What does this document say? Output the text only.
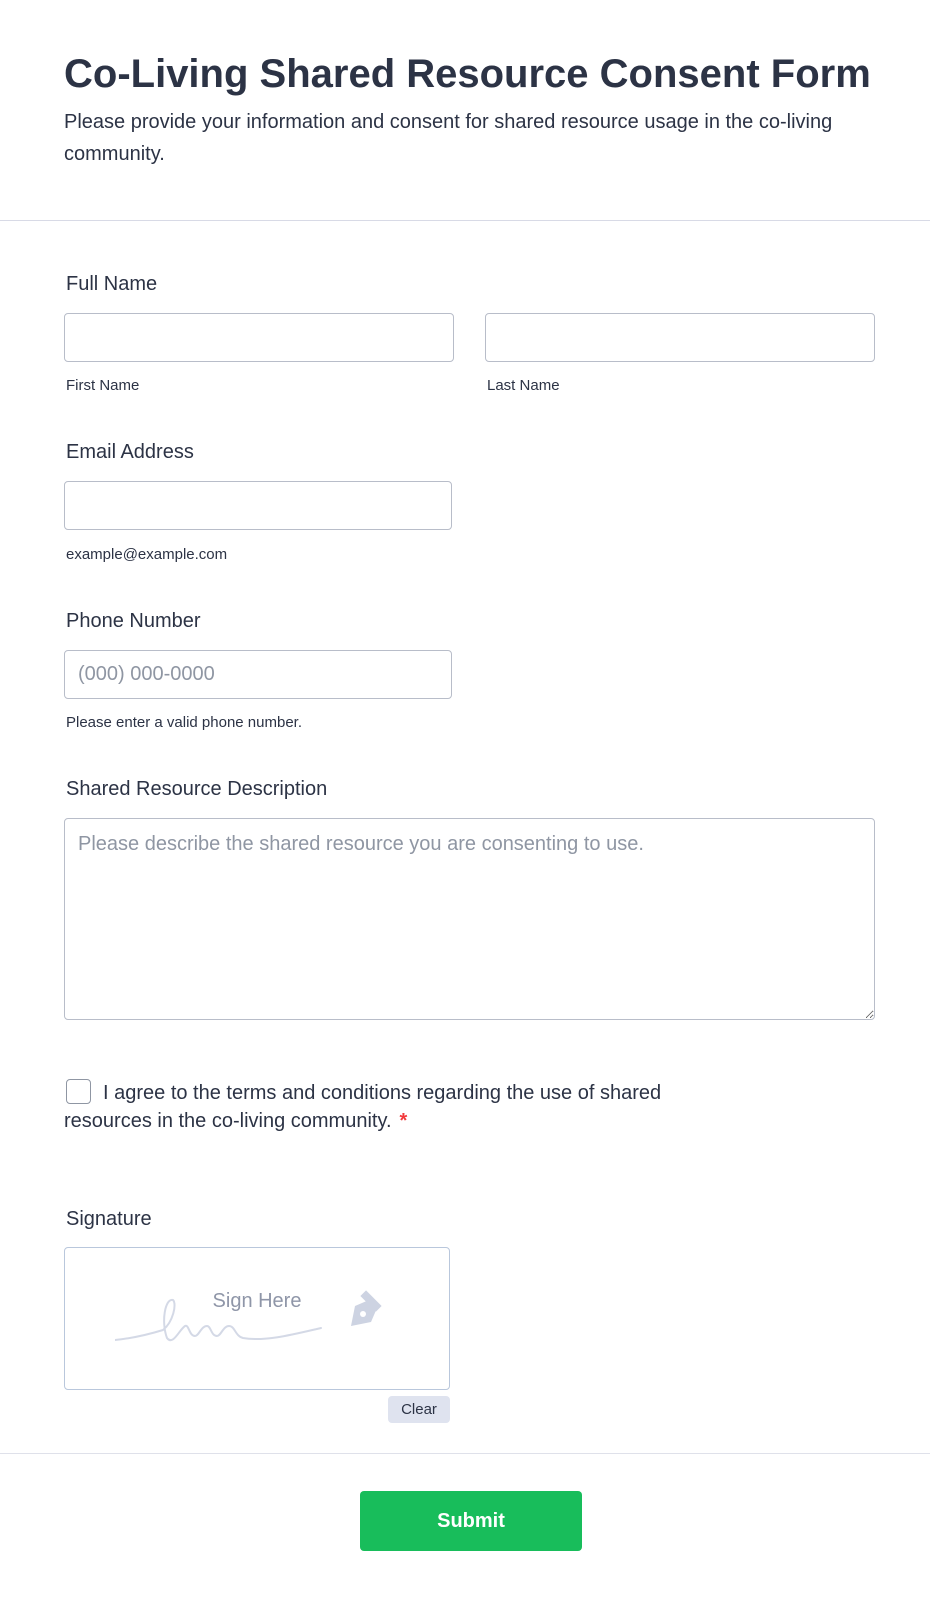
Co-Living Shared Resource Consent Form

Please provide your information and consent for shared resource usage in the co-living community.

Full Name
First Name	Last Name
Email Address
example@example.com
Phone Number
(000) 000-0000
Please enter a valid phone number.
Shared Resource Description
Please describe the shared resource you are consenting to use.
I agree to the terms and conditions regarding the use of shared resources in the co-living community. *
Signature
Sign Here
Clear
Submit
